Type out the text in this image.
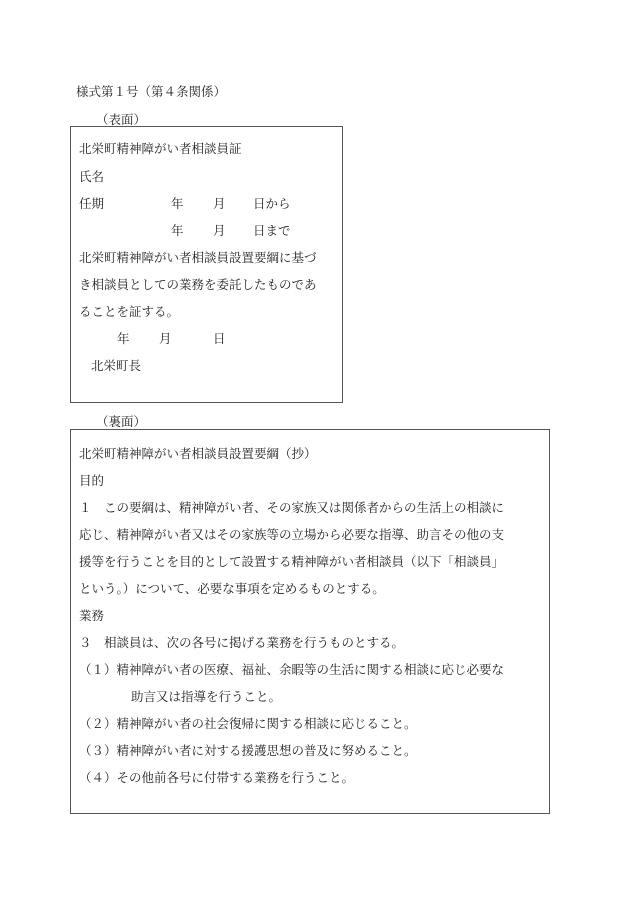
様式第１号（第４条関係）
（表面）
北栄町精神障がい者相談員証
氏名
任期	年 月 日から
年 月 日まで
北栄町精神障がい者相談員設置要綱に基づ
き相談員としての業務を委託したものであ
ることを証する。
年 月	日
北栄町長
（裏面）
北栄町精神障がい者相談員設置要綱（抄）
目的
１　この要綱は、精神障がい者、その家族又は関係者からの生活上の相談に
応じ、精神障がい者又はその家族等の立場から必要な指導、助言その他の支
援等を行うことを目的として設置する精神障がい者相談員（以下「相談員」
という。）について、必要な事項を定めるものとする。
業務
３　相談員は、次の各号に掲げる業務を行うものとする。
（１）精神障がい者の医療、福祉、余暇等の生活に関する相談に応じ必要な
助言又は指導を行うこと。
（２）精神障がい者の社会復帰に関する相談に応じること。
（３）精神障がい者に対する援護思想の普及に努めること。
（４）その他前各号に付帯する業務を行うこと。
